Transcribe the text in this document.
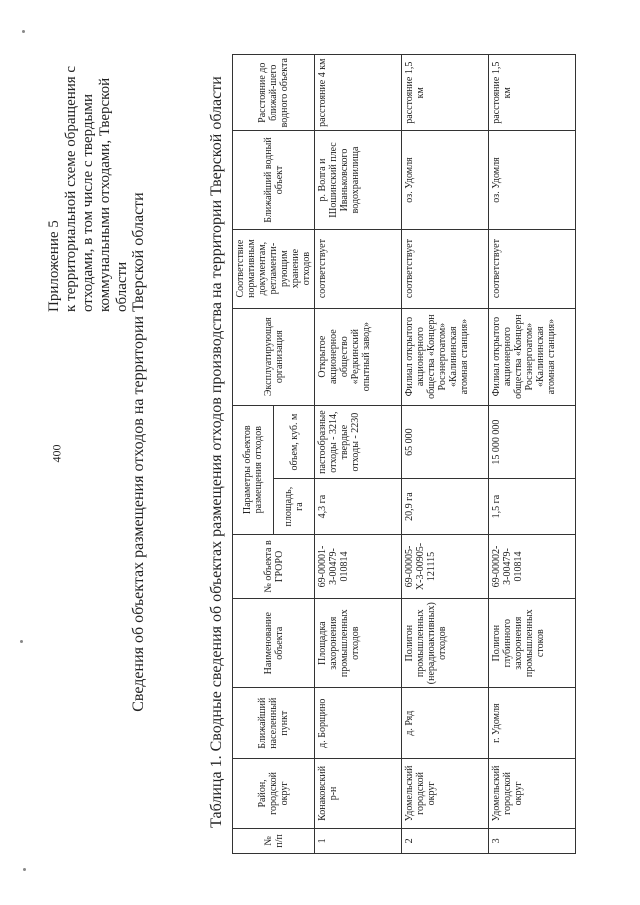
400
Приложение 5 к территориальной схеме обращения с отходами, в том числе с твердыми коммунальными отходами, Тверской области Сведения об объектах размещения отходов на территории Тверской области	Таблица 1. Сводные сведения об объектах размещения отходов производства на территории Тверской области
№ п/п	Район, городской округ	Ближайший населенный пункт	Наименование объекта	№ объекта в ГРОРО	Параметры объектов размещения отходов		Эксплуатирующая организация	Соответствие нормативным документам, регламенти-рующим хранение отходов	Ближайший водный объект	Расстояние до ближай-шего водного объекта
					площадь, га	объем, куб. м				
1	Конаковский р-н	д. Борщино	Площадка захоронения промышленных отходов	69-00001-З-00479-010814	4,3 га	пастообразные отходы - 3214, твердые отходы - 2230	Открытое акционерное общество «Редкинский опытный завод»	соответствует	р. Волга и Шошинский плес Иваньковского водохранилища	расстояние 4 км
2	Удомельский городской округ	д. Ряд	Полигон промышленных (нерадиоактивных) отходов	69-00005-Х-3-00905-121115	20,9 га	65 000	Филиал открытого акционерного общества «Концерн Росэнергоатом» «Калининская атомная станция»	соответствует	оз. Удомля	расстояние 1,5 км
3	Удомельский городской округ	г. Удомля	Полигон глубинного захоронения промышленных стоков	69-00002-З-00479-010814	1,5 га	15 000 000	Филиал открытого акционерного общества «Концерн Росэнергоатом» «Калининская атомная станция»	соответствует	оз. Удомля	расстояние 1,5 км
